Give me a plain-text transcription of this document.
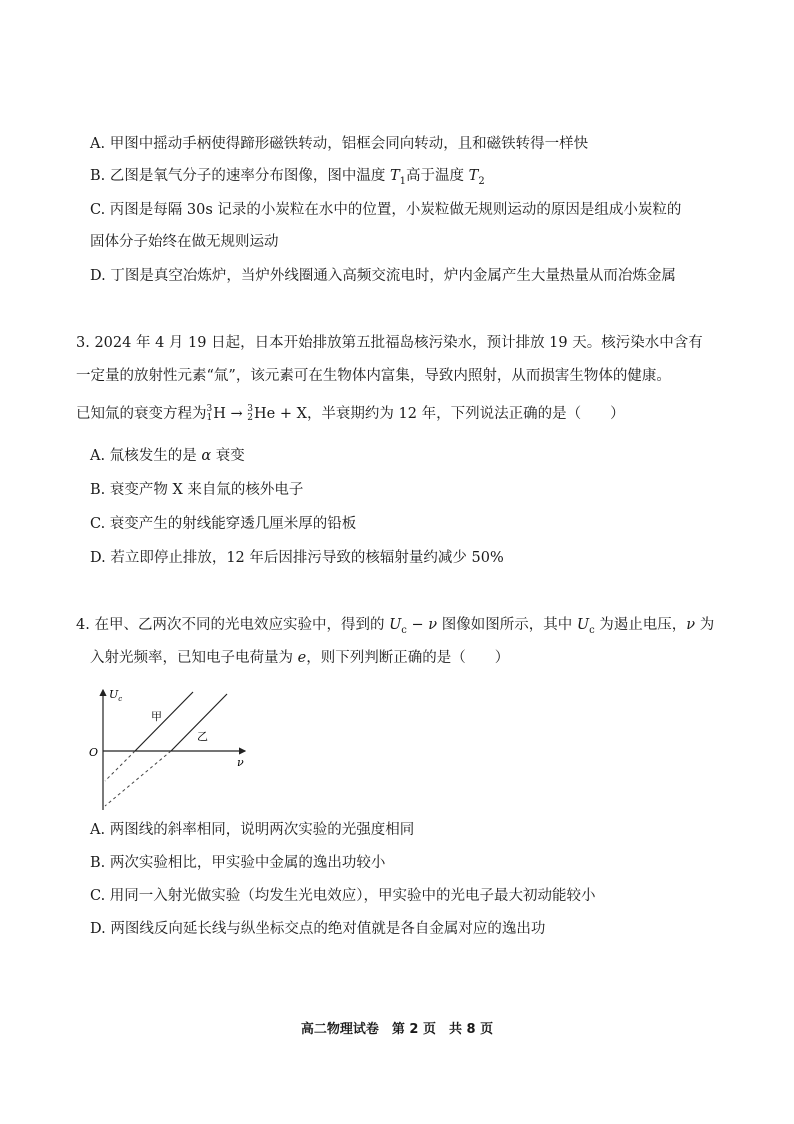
A. 甲图中摇动手柄使得蹄形磁铁转动，铝框会同向转动，且和磁铁转得一样快
B. 乙图是氧气分子的速率分布图像，图中温度 $T_1$高于温度 $T_2$
C. 丙图是每隔 30s 记录的小炭粒在水中的位置，小炭粒做无规则运动的原因是组成小炭粒的
固体分子始终在做无规则运动
D. 丁图是真空冶炼炉，当炉外线圈通入高频交流电时，炉内金属产生大量热量从而冶炼金属
3. 2024 年 4 月 19 日起，日本开始排放第五批福岛核污染水，预计排放 19 天。核污染水中含有
一定量的放射性元素“氚”，该元素可在生物体内富集，导致内照射，从而损害生物体的健康。
已知氚的衰变方程为 3
1 H → 3
2 He + X，半衰期约为 12 年，下列说法正确的是（　　）
A. 氚核发生的是 α 衰变
B. 衰变产物 X 来自氚的核外电子
C. 衰变产生的射线能穿透几厘米厚的铅板
D. 若立即停止排放，12 年后因排污导致的核辐射量约减少 50%
4. 在甲、乙两次不同的光电效应实验中，得到的 $U_c - \nu$ 图像如图所示，其中 $U_c$ 为遏止电压，ν 为
入射光频率，已知电子电荷量为 e，则下列判断正确的是（　　）
$U_c$
ν
O
甲
乙
A. 两图线的斜率相同，说明两次实验的光强度相同
B. 两次实验相比，甲实验中金属的逸出功较小
C. 用同一入射光做实验（均发生光电效应），甲实验中的光电子最大初动能较小
D. 两图线反向延长线与纵坐标交点的绝对值就是各自金属对应的逸出功
高二物理试卷　第 2 页　共 8 页
